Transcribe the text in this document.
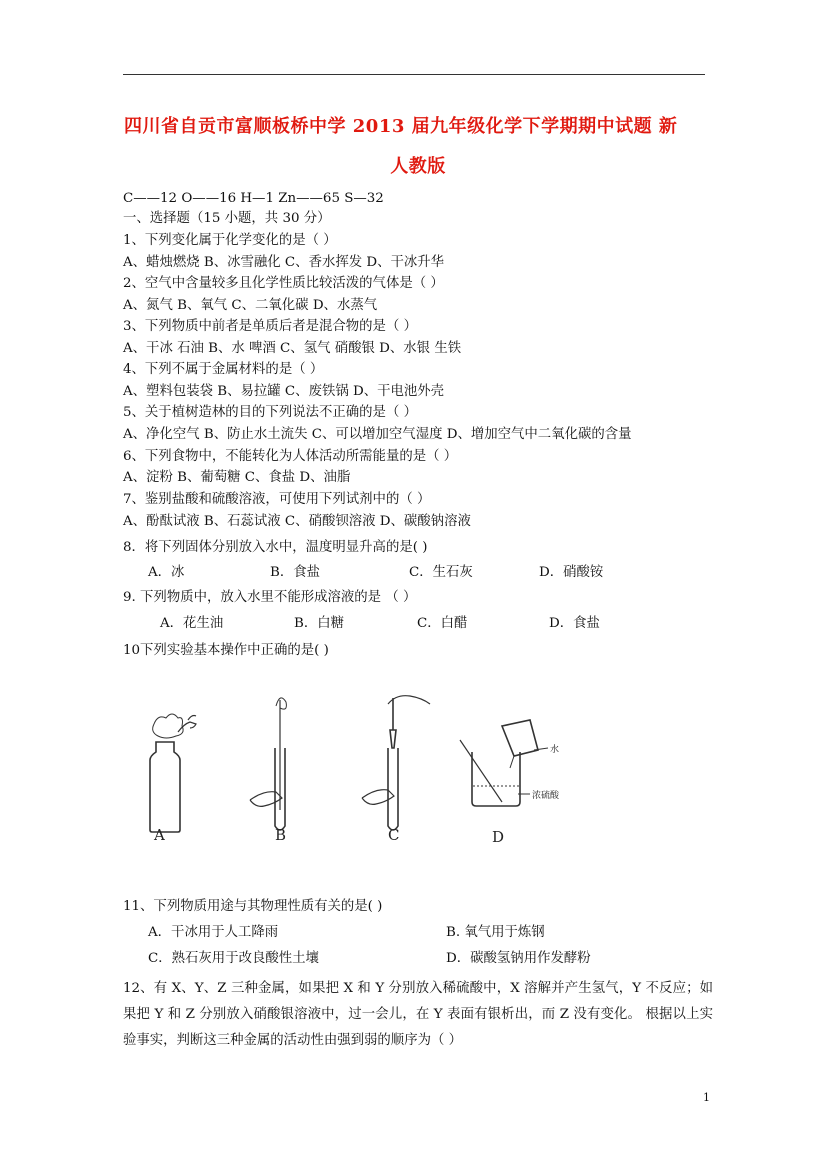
四川省自贡市富顺板桥中学 2013 届九年级化学下学期期中试题 新
人教版
C——12 O——16 H—1 Zn——65 S—32
一、选择题（15 小题，共 30 分）
1、下列变化属于化学变化的是（ ）
A、蜡烛燃烧 B、冰雪融化 C、香水挥发 D、干冰升华
2、空气中含量较多且化学性质比较活泼的气体是（ ）
A、氮气 B、氧气 C、二氧化碳 D、水蒸气
3、下列物质中前者是单质后者是混合物的是（ ）
A、干冰 石油 B、水 啤酒 C、氢气 硝酸银 D、水银 生铁
4、下列不属于金属材料的是（ ）
A、塑料包装袋 B、易拉罐 C、废铁锅 D、干电池外壳
5、关于植树造林的目的下列说法不正确的是（ ）
A、净化空气 B、防止水土流失 C、可以增加空气湿度 D、增加空气中二氧化碳的含量
6、下列食物中，不能转化为人体活动所需能量的是（ ）
A、淀粉 B、葡萄糖 C、食盐 D、油脂
7、鉴别盐酸和硫酸溶液，可使用下列试剂中的（ ）
A、酚酞试液 B、石蕊试液 C、硝酸钡溶液 D、碳酸钠溶液
8．将下列固体分别放入水中，温度明显升高的是( )
A．冰	B．食盐	C．生石灰	D．硝酸铵
9. 下列物质中，放入水里不能形成溶液的是 （ ）
A．花生油	B．白糖	C．白醋	D．食盐
10下列实验基本操作中正确的是( )
A	B	C
水
浓硫酸
D
11、下列物质用途与其物理性质有关的是( )
A．干冰用于人工降雨	B. 氧气用于炼钢
C．熟石灰用于改良酸性土壤	D．碳酸氢钠用作发酵粉
12、有 X、Y、Z 三种金属，如果把 X 和 Y 分别放入稀硫酸中，X 溶解并产生氢气，Y 不反应；如果把 Y 和 Z 分别放入硝酸银溶液中，过一会儿，在 Y 表面有银析出，而 Z 没有变化。 根据以上实验事实，判断这三种金属的活动性由强到弱的顺序为（ ）
1
